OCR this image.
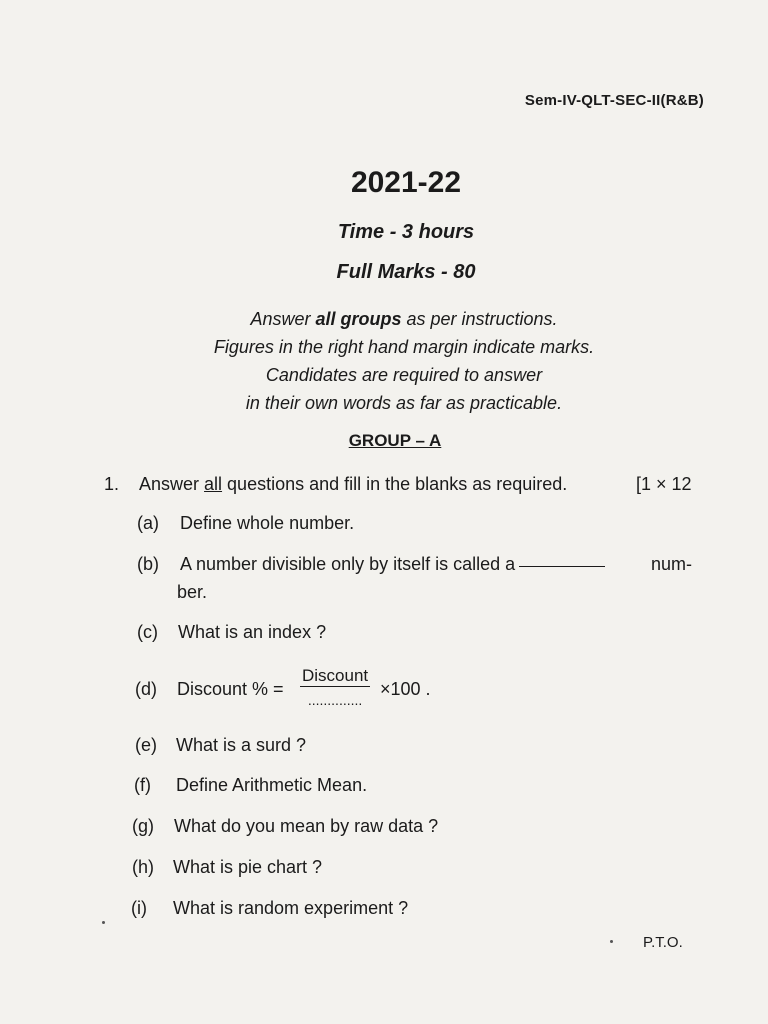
Sem-IV-QLT-SEC-II(R&B)
2021-22
Time - 3 hours
Full Marks - 80
Answer all groups as per instructions.
Figures in the right hand margin indicate marks.
Candidates are required to answer
in their own words as far as practicable.
GROUP – A
1. Answer all questions and fill in the blanks as required.	[1 × 12
(a) Define whole number.
(b) A number divisible only by itself is called a	num-
ber.
(c) What is an index ?
(d) Discount % =
Discount
..............
×100 .
(e) What is a surd ?
(f) Define Arithmetic Mean.
(g) What do you mean by raw data ?
(h) What is pie chart ?
(i) What is random experiment ?
P.T.O.
